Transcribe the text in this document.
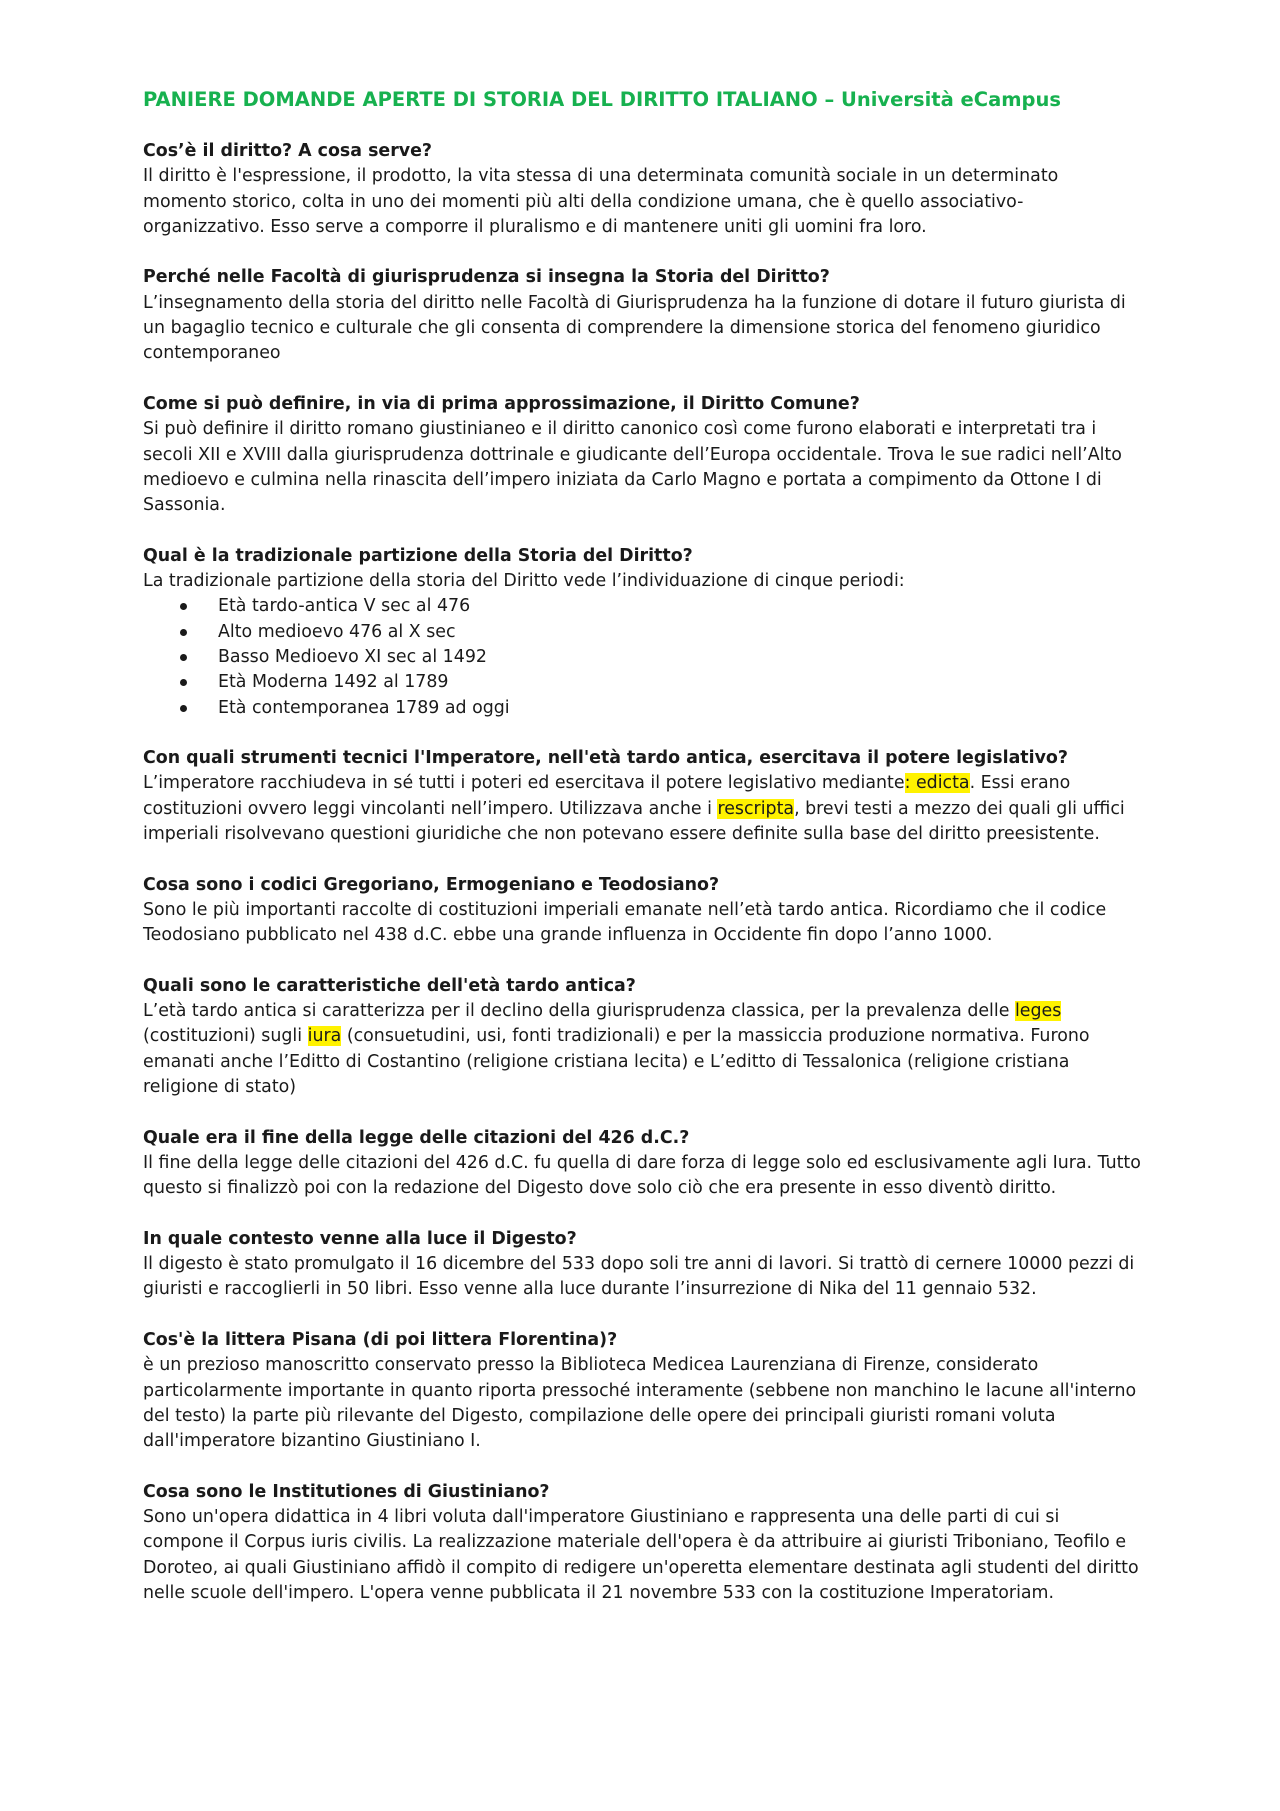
PANIERE DOMANDE APERTE DI STORIA DEL DIRITTO ITALIANO – Università eCampus

Cos’è il diritto? A cosa serve?

Il diritto è l'espressione, il prodotto, la vita stessa di una determinata comunità sociale in un determinato momento storico, colta in uno dei momenti più alti della condizione umana, che è quello associativo-organizzativo. Esso serve a comporre il pluralismo e di mantenere uniti gli uomini fra loro.

Perché nelle Facoltà di giurisprudenza si insegna la Storia del Diritto?

L’insegnamento della storia del diritto nelle Facoltà di Giurisprudenza ha la funzione di dotare il futuro giurista di un bagaglio tecnico e culturale che gli consenta di comprendere la dimensione storica del fenomeno giuridico contemporaneo

Come si può definire, in via di prima approssimazione, il Diritto Comune?

Si può definire il diritto romano giustinianeo e il diritto canonico così come furono elaborati e interpretati tra i secoli XII e XVIII dalla giurisprudenza dottrinale e giudicante dell’Europa occidentale. Trova le sue radici nell’Alto medioevo e culmina nella rinascita dell’impero iniziata da Carlo Magno e portata a compimento da Ottone I di Sassonia.

Qual è la tradizionale partizione della Storia del Diritto?

La tradizionale partizione della storia del Diritto vede l’individuazione di cinque periodi:

Età tardo-antica V sec al 476
Alto medioevo 476 al X sec
Basso Medioevo XI sec al 1492
Età Moderna 1492 al 1789
Età contemporanea 1789 ad oggi

Con quali strumenti tecnici l'Imperatore, nell'età tardo antica, esercitava il potere legislativo?

L’imperatore racchiudeva in sé tutti i poteri ed esercitava il potere legislativo mediante: edicta. Essi erano costituzioni ovvero leggi vincolanti nell’impero. Utilizzava anche i rescripta, brevi testi a mezzo dei quali gli uffici imperiali risolvevano questioni giuridiche che non potevano essere definite sulla base del diritto preesistente.

Cosa sono i codici Gregoriano, Ermogeniano e Teodosiano?

Sono le più importanti raccolte di costituzioni imperiali emanate nell’età tardo antica. Ricordiamo che il codice Teodosiano pubblicato nel 438 d.C. ebbe una grande influenza in Occidente fin dopo l’anno 1000.

Quali sono le caratteristiche dell'età tardo antica?

L’età tardo antica si caratterizza per il declino della giurisprudenza classica, per la prevalenza delle leges (costituzioni) sugli iura (consuetudini, usi, fonti tradizionali) e per la massiccia produzione normativa. Furono emanati anche l’Editto di Costantino (religione cristiana lecita) e L’editto di Tessalonica (religione cristiana religione di stato)

Quale era il fine della legge delle citazioni del 426 d.C.?

Il fine della legge delle citazioni del 426 d.C. fu quella di dare forza di legge solo ed esclusivamente agli Iura. Tutto questo si finalizzò poi con la redazione del Digesto dove solo ciò che era presente in esso diventò diritto.

In quale contesto venne alla luce il Digesto?

Il digesto è stato promulgato il 16 dicembre del 533 dopo soli tre anni di lavori. Si trattò di cernere 10000 pezzi di giuristi e raccoglierli in 50 libri. Esso venne alla luce durante l’insurrezione di Nika del 11 gennaio 532.

Cos'è la littera Pisana (di poi littera Florentina)?

è un prezioso manoscritto conservato presso la Biblioteca Medicea Laurenziana di Firenze, considerato particolarmente importante in quanto riporta pressoché interamente (sebbene non manchino le lacune all'interno del testo) la parte più rilevante del Digesto, compilazione delle opere dei principali giuristi romani voluta dall'imperatore bizantino Giustiniano I.

Cosa sono le Institutiones di Giustiniano?

Sono un'opera didattica in 4 libri voluta dall'imperatore Giustiniano e rappresenta una delle parti di cui si compone il Corpus iuris civilis. La realizzazione materiale dell'opera è da attribuire ai giuristi Triboniano, Teofilo e Doroteo, ai quali Giustiniano affidò il compito di redigere un'operetta elementare destinata agli studenti del diritto nelle scuole dell'impero. L'opera venne pubblicata il 21 novembre 533 con la costituzione Imperatoriam.
